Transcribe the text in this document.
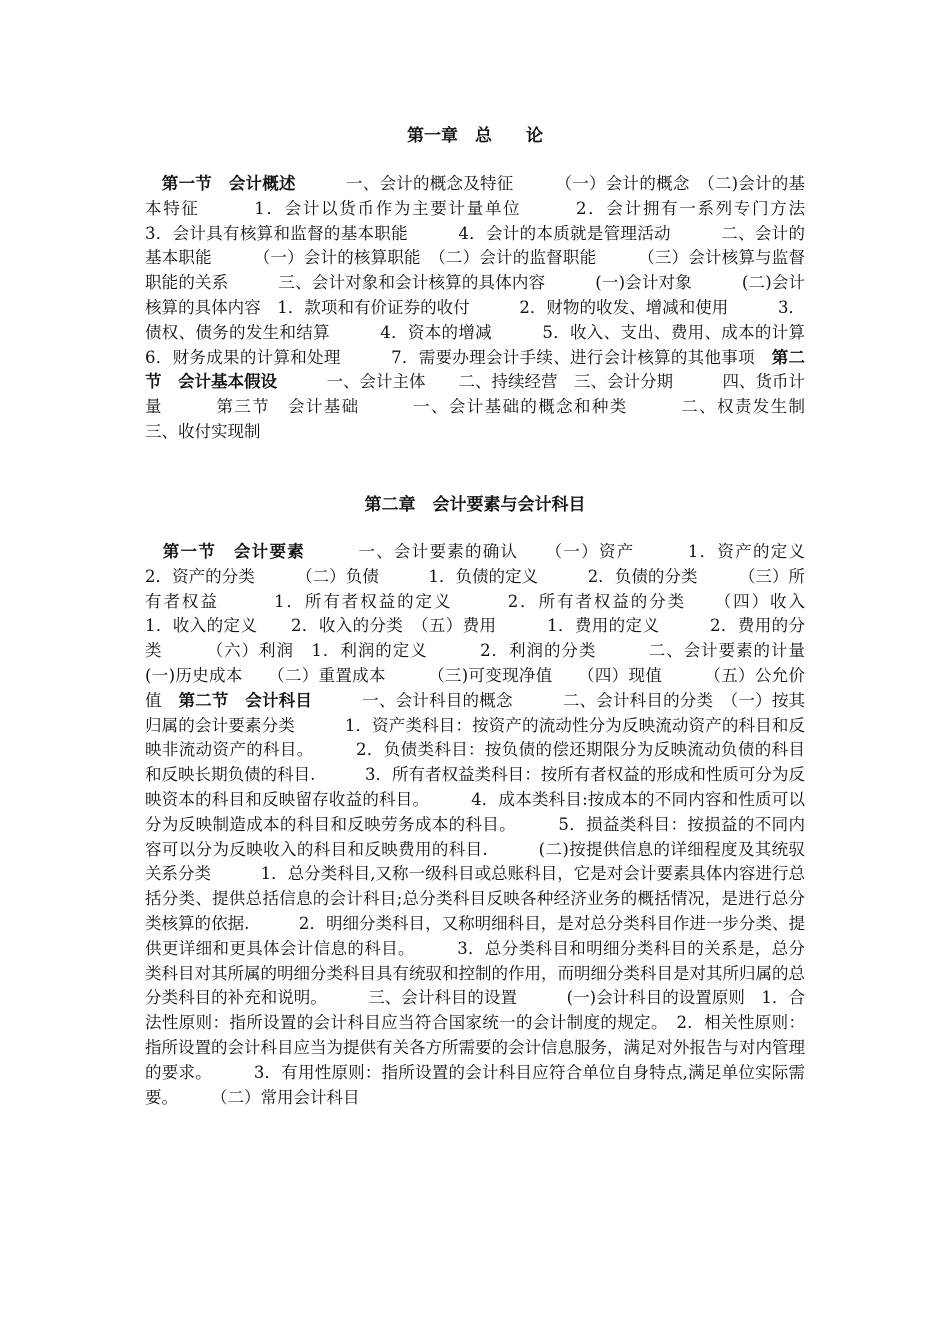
第一章　总　　论

　第一节　会计概述　　　一、会计的概念及特征　　　（一）会计的概念　（二)会计的基本特征　　　1．会计以货币作为主要计量单位　　　2．会计拥有一系列专门方法　　　3．会计具有核算和监督的基本职能　　　4．会计的本质就是管理活动　　　二、会计的基本职能　　　（一）会计的核算职能　（二）会计的监督职能　　　（三）会计核算与监督职能的关系　　　三、会计对象和会计核算的具体内容　　　(一)会计对象　　　(二)会计核算的具体内容　1．款项和有价证券的收付　　　2．财物的收发、增减和使用　　　3．债权、债务的发生和结算　　　4．资本的增减　　　5．收入、支出、费用、成本的计算　　　6．财务成果的计算和处理　　　7．需要办理会计手续、进行会计核算的其他事项　第二节　会计基本假设　　　一、会计主体　　二、持续经营　三、会计分期　　　四、货币计量　　　第三节　会计基础　　　一、会计基础的概念和种类　　　二、权责发生制　　　三、收付实现制

第二章　会计要素与会计科目

　第一节　会计要素　　　一、会计要素的确认　　（一）资产　　　1．资产的定义　　2．资产的分类　　　（二）负债　　　1．负债的定义　　　2．负债的分类　　　（三）所有者权益　　　1．所有者权益的定义　　　2．所有者权益的分类　　（四）收入　　　1．收入的定义　　2．收入的分类　（五）费用　　　1．费用的定义　　　2．费用的分类　　　（六）利润　1．利润的定义　　　2．利润的分类　　　二、会计要素的计量　　　(一)历史成本　　（二）重置成本　　　（三)可变现净值　　（四）现值　　　（五）公允价值　第二节　会计科目　　　一、会计科目的概念　　　二、会计科目的分类　（一）按其归属的会计要素分类　　　1．资产类科目：按资产的流动性分为反映流动资产的科目和反映非流动资产的科目。　　　2．负债类科目：按负债的偿还期限分为反映流动负债的科目和反映长期负债的科目.　　　3．所有者权益类科目：按所有者权益的形成和性质可分为反映资本的科目和反映留存收益的科目。　　　4．成本类科目:按成本的不同内容和性质可以分为反映制造成本的科目和反映劳务成本的科目。　　　5．损益类科目：按损益的不同内容可以分为反映收入的科目和反映费用的科目.　　　(二)按提供信息的详细程度及其统驭关系分类　　　1．总分类科目,又称一级科目或总账科目，它是对会计要素具体内容进行总括分类、提供总括信息的会计科目;总分类科目反映各种经济业务的概括情况，是进行总分类核算的依据.　　　2．明细分类科目，又称明细科目，是对总分类科目作进一步分类、提供更详细和更具体会计信息的科目。　　　3．总分类科目和明细分类科目的关系是，总分类科目对其所属的明细分类科目具有统驭和控制的作用，而明细分类科目是对其所归属的总分类科目的补充和说明。　　　三、会计科目的设置　　　(一)会计科目的设置原则　1．合法性原则：指所设置的会计科目应当符合国家统一的会计制度的规定。　2．相关性原则：指所设置的会计科目应当为提供有关各方所需要的会计信息服务，满足对外报告与对内管理的要求。　　　3．有用性原则：指所设置的会计科目应符合单位自身特点,满足单位实际需要。　　　（二）常用会计科目
